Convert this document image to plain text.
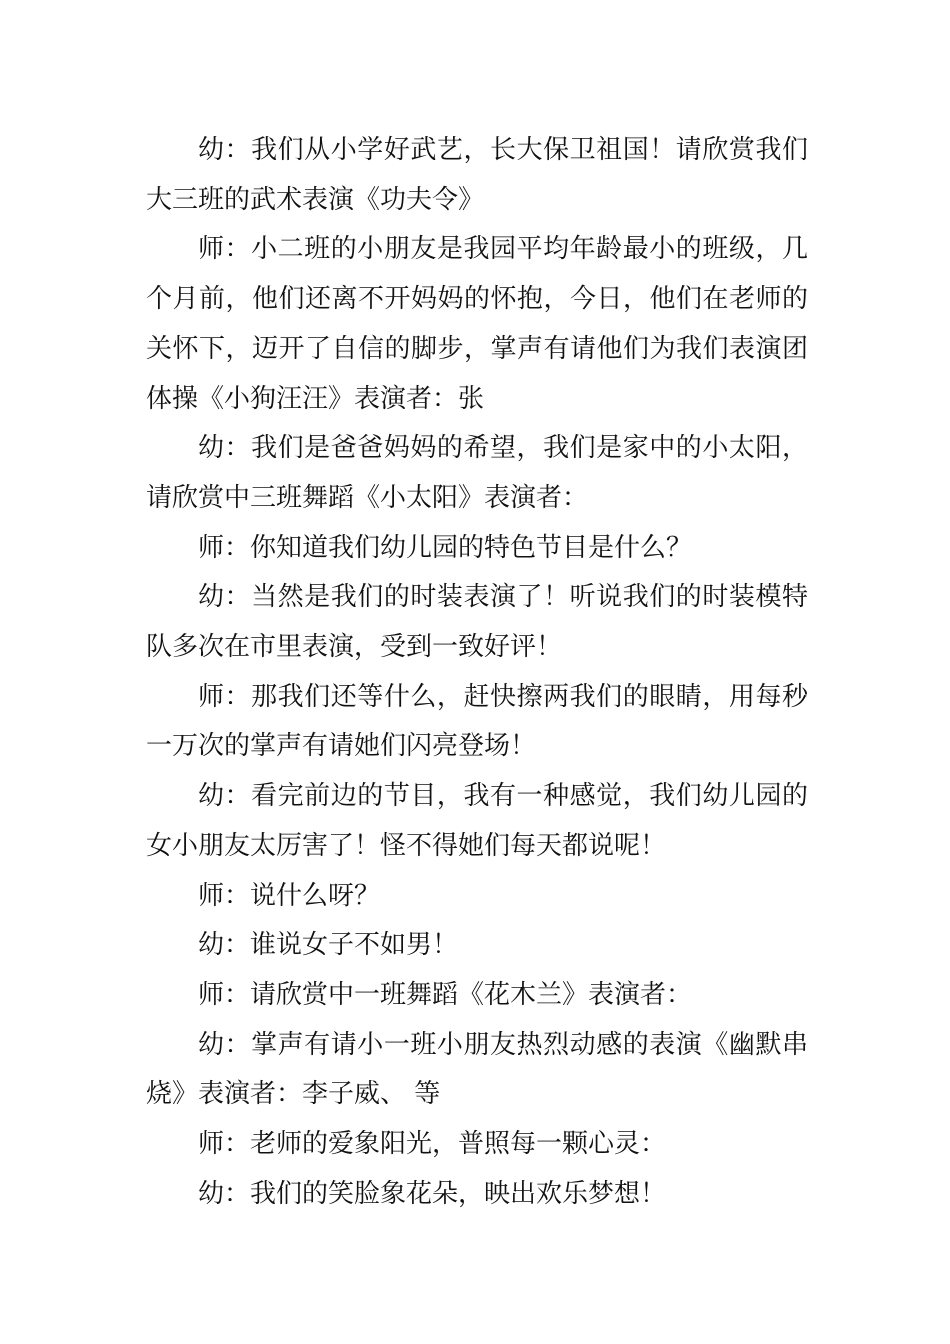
幼：我们从小学好武艺，长大保卫祖国！请欣赏我们大三班的武术表演《功夫令》

师：小二班的小朋友是我园平均年龄最小的班级，几个月前，他们还离不开妈妈的怀抱，今日，他们在老师的关怀下，迈开了自信的脚步，掌声有请他们为我们表演团体操《小狗汪汪》表演者：张

幼：我们是爸爸妈妈的希望，我们是家中的小太阳，请欣赏中三班舞蹈《小太阳》表演者：

师：你知道我们幼儿园的特色节目是什么？

幼：当然是我们的时装表演了！听说我们的时装模特队多次在市里表演，受到一致好评！

师：那我们还等什么，赶快擦两我们的眼睛，用每秒一万次的掌声有请她们闪亮登场！

幼：看完前边的节目，我有一种感觉，我们幼儿园的女小朋友太厉害了！怪不得她们每天都说呢！

师：说什么呀？

幼：谁说女子不如男！

师：请欣赏中一班舞蹈《花木兰》表演者：

幼：掌声有请小一班小朋友热烈动感的表演《幽默串烧》表演者：李子威、 等

师：老师的爱象阳光，普照每一颗心灵：

幼：我们的笑脸象花朵，映出欢乐梦想！
